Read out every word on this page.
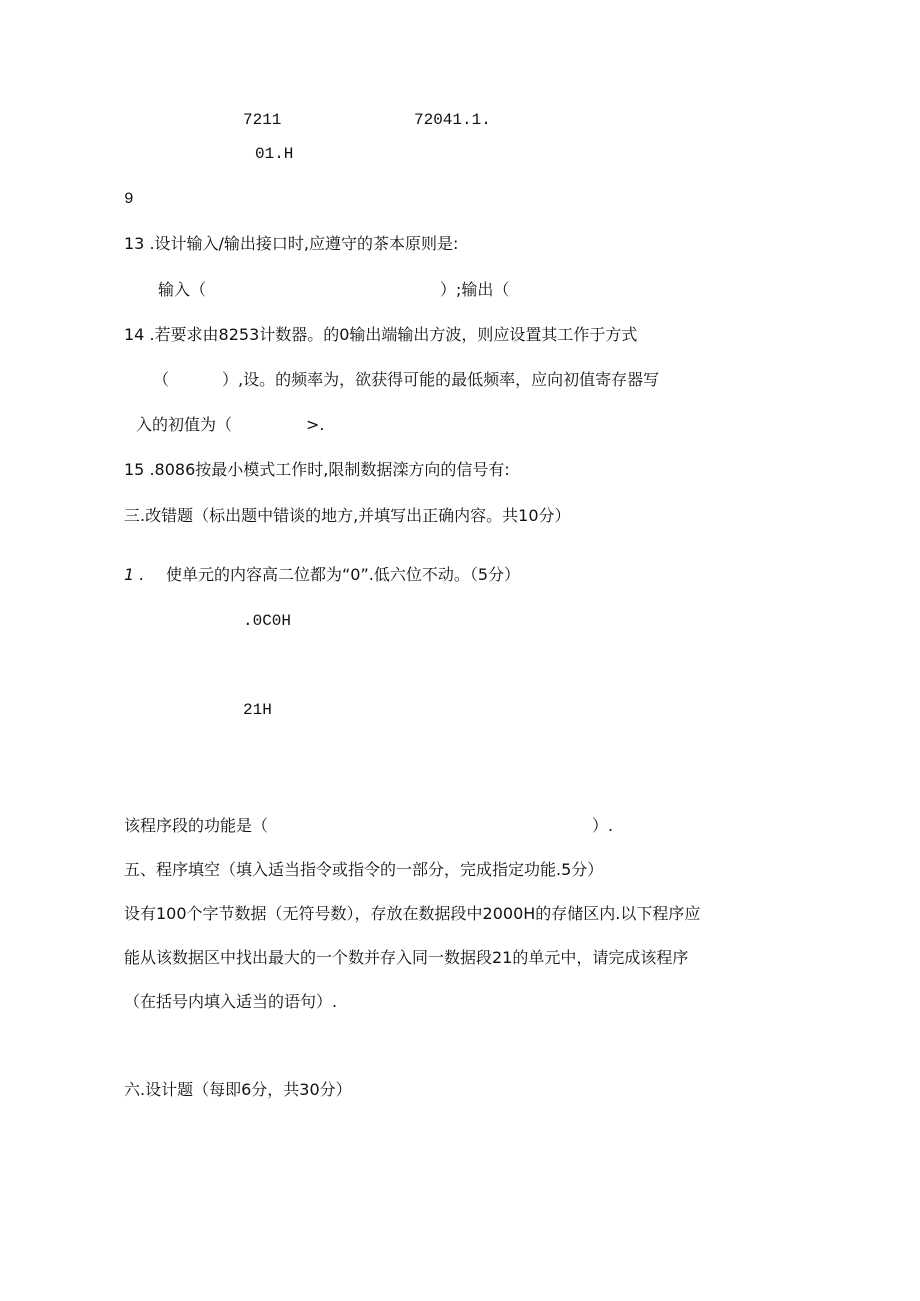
7211	72041.1.
01.H
9
13 .设计输入/输出接口时,应遵守的茶本原则是:
输入（	）;输出（
14 .若要求由8253计数器。的0输出端输出方波，则应设置其工作于方式
（	）,设。的频率为，欲获得可能的最低频率，应向初值寄存器写
入的初值为（	>.
15 .8086按最小模式工作时,限制数据滦方向的信号有:
三.改错题（标出题中错谈的地方,并填写出正确内容。共10分）
1 . 使单元的内容高二位都为“0”.低六位不动。（5分）
.0C0H
21H
该程序段的功能是（	）.
五、程序填空（填入适当指令或指令的一部分，完成指定功能.5分）
设有100个字节数据（无符号数），存放在数据段中2000H的存储区内.以下程序应
能从该数据区中找出最大的一个数并存入同一数据段21的单元中，请完成该程序
（在括号内填入适当的语句）.
六.设计题（每即6分，共30分）
